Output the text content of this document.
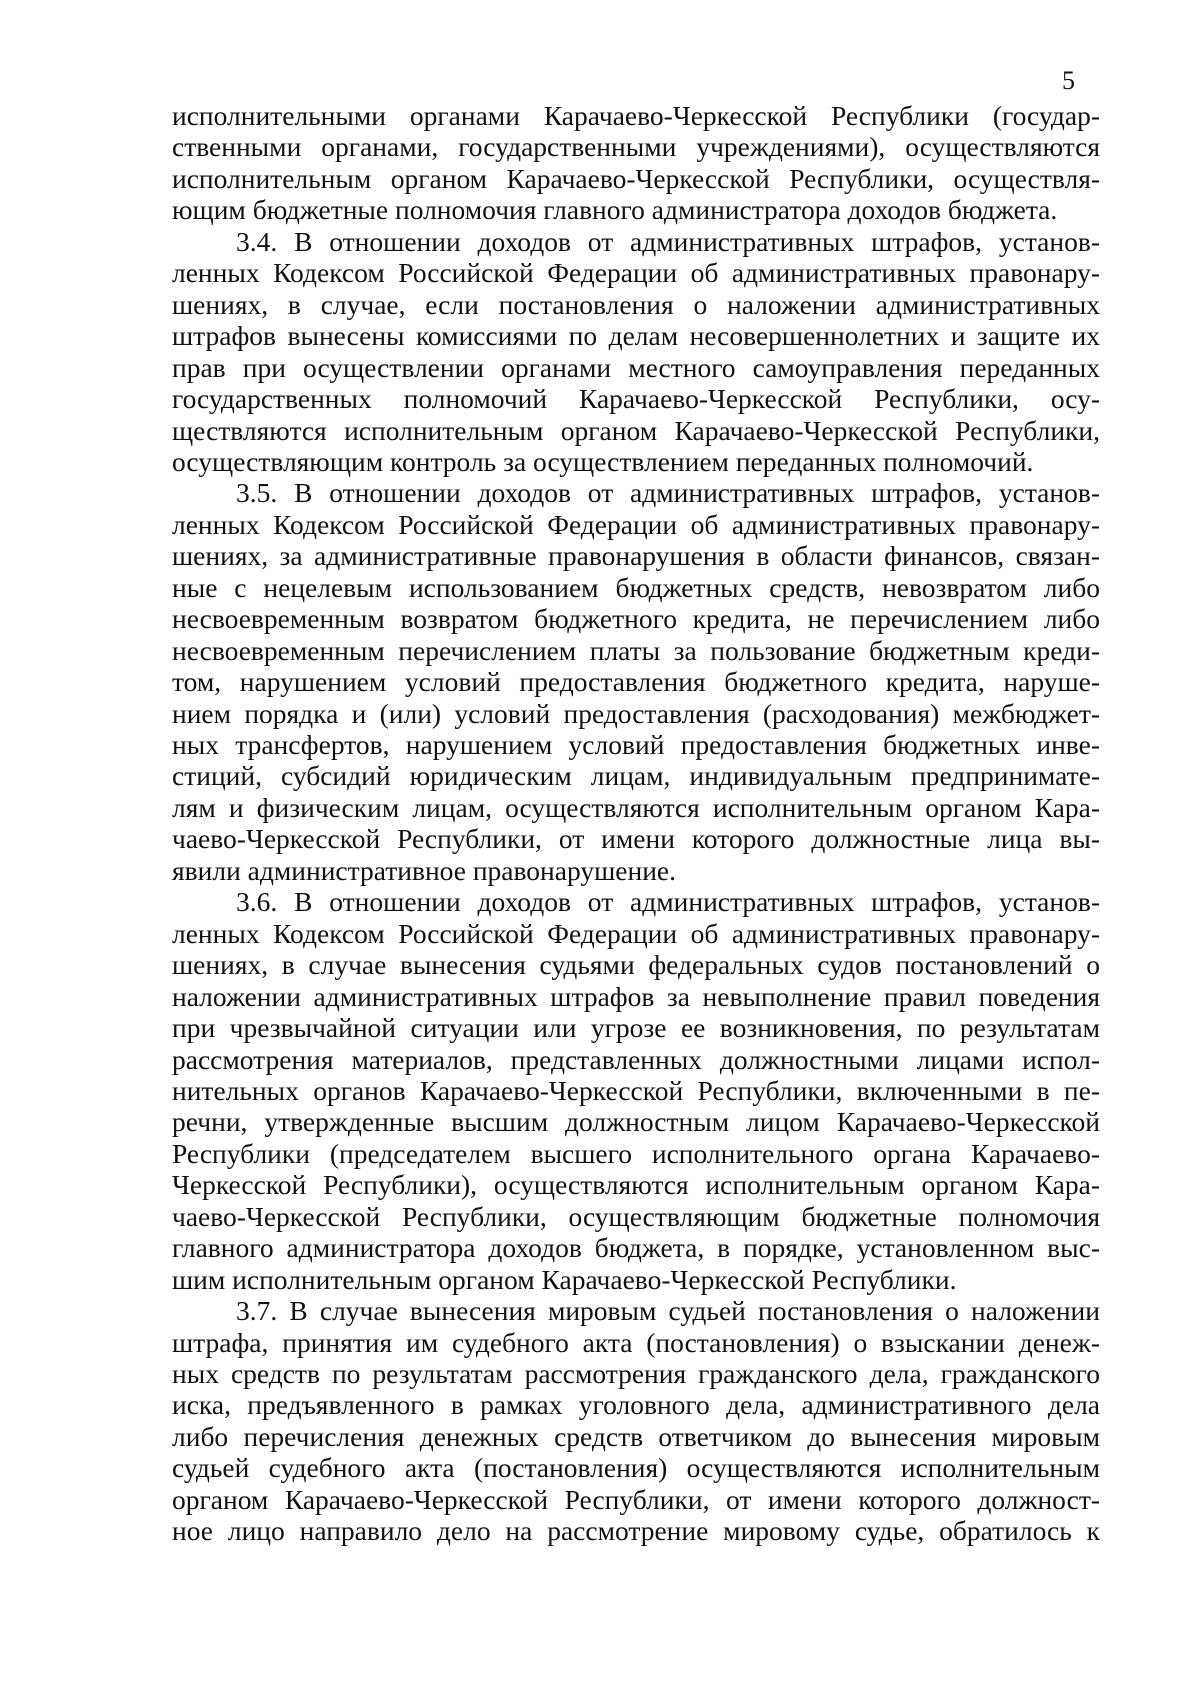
5
исполнительными органами Карачаево-Черкесской Республики (государ-
ственными органами, государственными учреждениями), осуществляются
исполнительным органом Карачаево-Черкесской Республики, осуществля-
ющим бюджетные полномочия главного администратора доходов бюджета.
3.4. В отношении доходов от административных штрафов, установ-
ленных Кодексом Российской Федерации об административных правонару-
шениях, в случае, если постановления о наложении административных
штрафов вынесены комиссиями по делам несовершеннолетних и защите их
прав при осуществлении органами местного самоуправления переданных
государственных полномочий Карачаево-Черкесской Республики, осу-
ществляются исполнительным органом Карачаево-Черкесской Республики,
осуществляющим контроль за осуществлением переданных полномочий.
3.5. В отношении доходов от административных штрафов, установ-
ленных Кодексом Российской Федерации об административных правонару-
шениях, за административные правонарушения в области финансов, связан-
ные с нецелевым использованием бюджетных средств, невозвратом либо
несвоевременным возвратом бюджетного кредита, не перечислением либо
несвоевременным перечислением платы за пользование бюджетным креди-
том, нарушением условий предоставления бюджетного кредита, наруше-
нием порядка и (или) условий предоставления (расходования) межбюджет-
ных трансфертов, нарушением условий предоставления бюджетных инве-
стиций, субсидий юридическим лицам, индивидуальным предпринимате-
лям и физическим лицам, осуществляются исполнительным органом Кара-
чаево-Черкесской Республики, от имени которого должностные лица вы-
явили административное правонарушение.
3.6. В отношении доходов от административных штрафов, установ-
ленных Кодексом Российской Федерации об административных правонару-
шениях, в случае вынесения судьями федеральных судов постановлений о
наложении административных штрафов за невыполнение правил поведения
при чрезвычайной ситуации или угрозе ее возникновения, по результатам
рассмотрения материалов, представленных должностными лицами испол-
нительных органов Карачаево-Черкесской Республики, включенными в пе-
речни, утвержденные высшим должностным лицом Карачаево-Черкесской
Республики (председателем высшего исполнительного органа Карачаево-
Черкесской Республики), осуществляются исполнительным органом Кара-
чаево-Черкесской Республики, осуществляющим бюджетные полномочия
главного администратора доходов бюджета, в порядке, установленном выс-
шим исполнительным органом Карачаево-Черкесской Республики.
3.7. В случае вынесения мировым судьей постановления о наложении
штрафа, принятия им судебного акта (постановления) о взыскании денеж-
ных средств по результатам рассмотрения гражданского дела, гражданского
иска, предъявленного в рамках уголовного дела, административного дела
либо перечисления денежных средств ответчиком до вынесения мировым
судьей судебного акта (постановления) осуществляются исполнительным
органом Карачаево-Черкесской Республики, от имени которого должност-
ное лицо направило дело на рассмотрение мировому судье, обратилось к
